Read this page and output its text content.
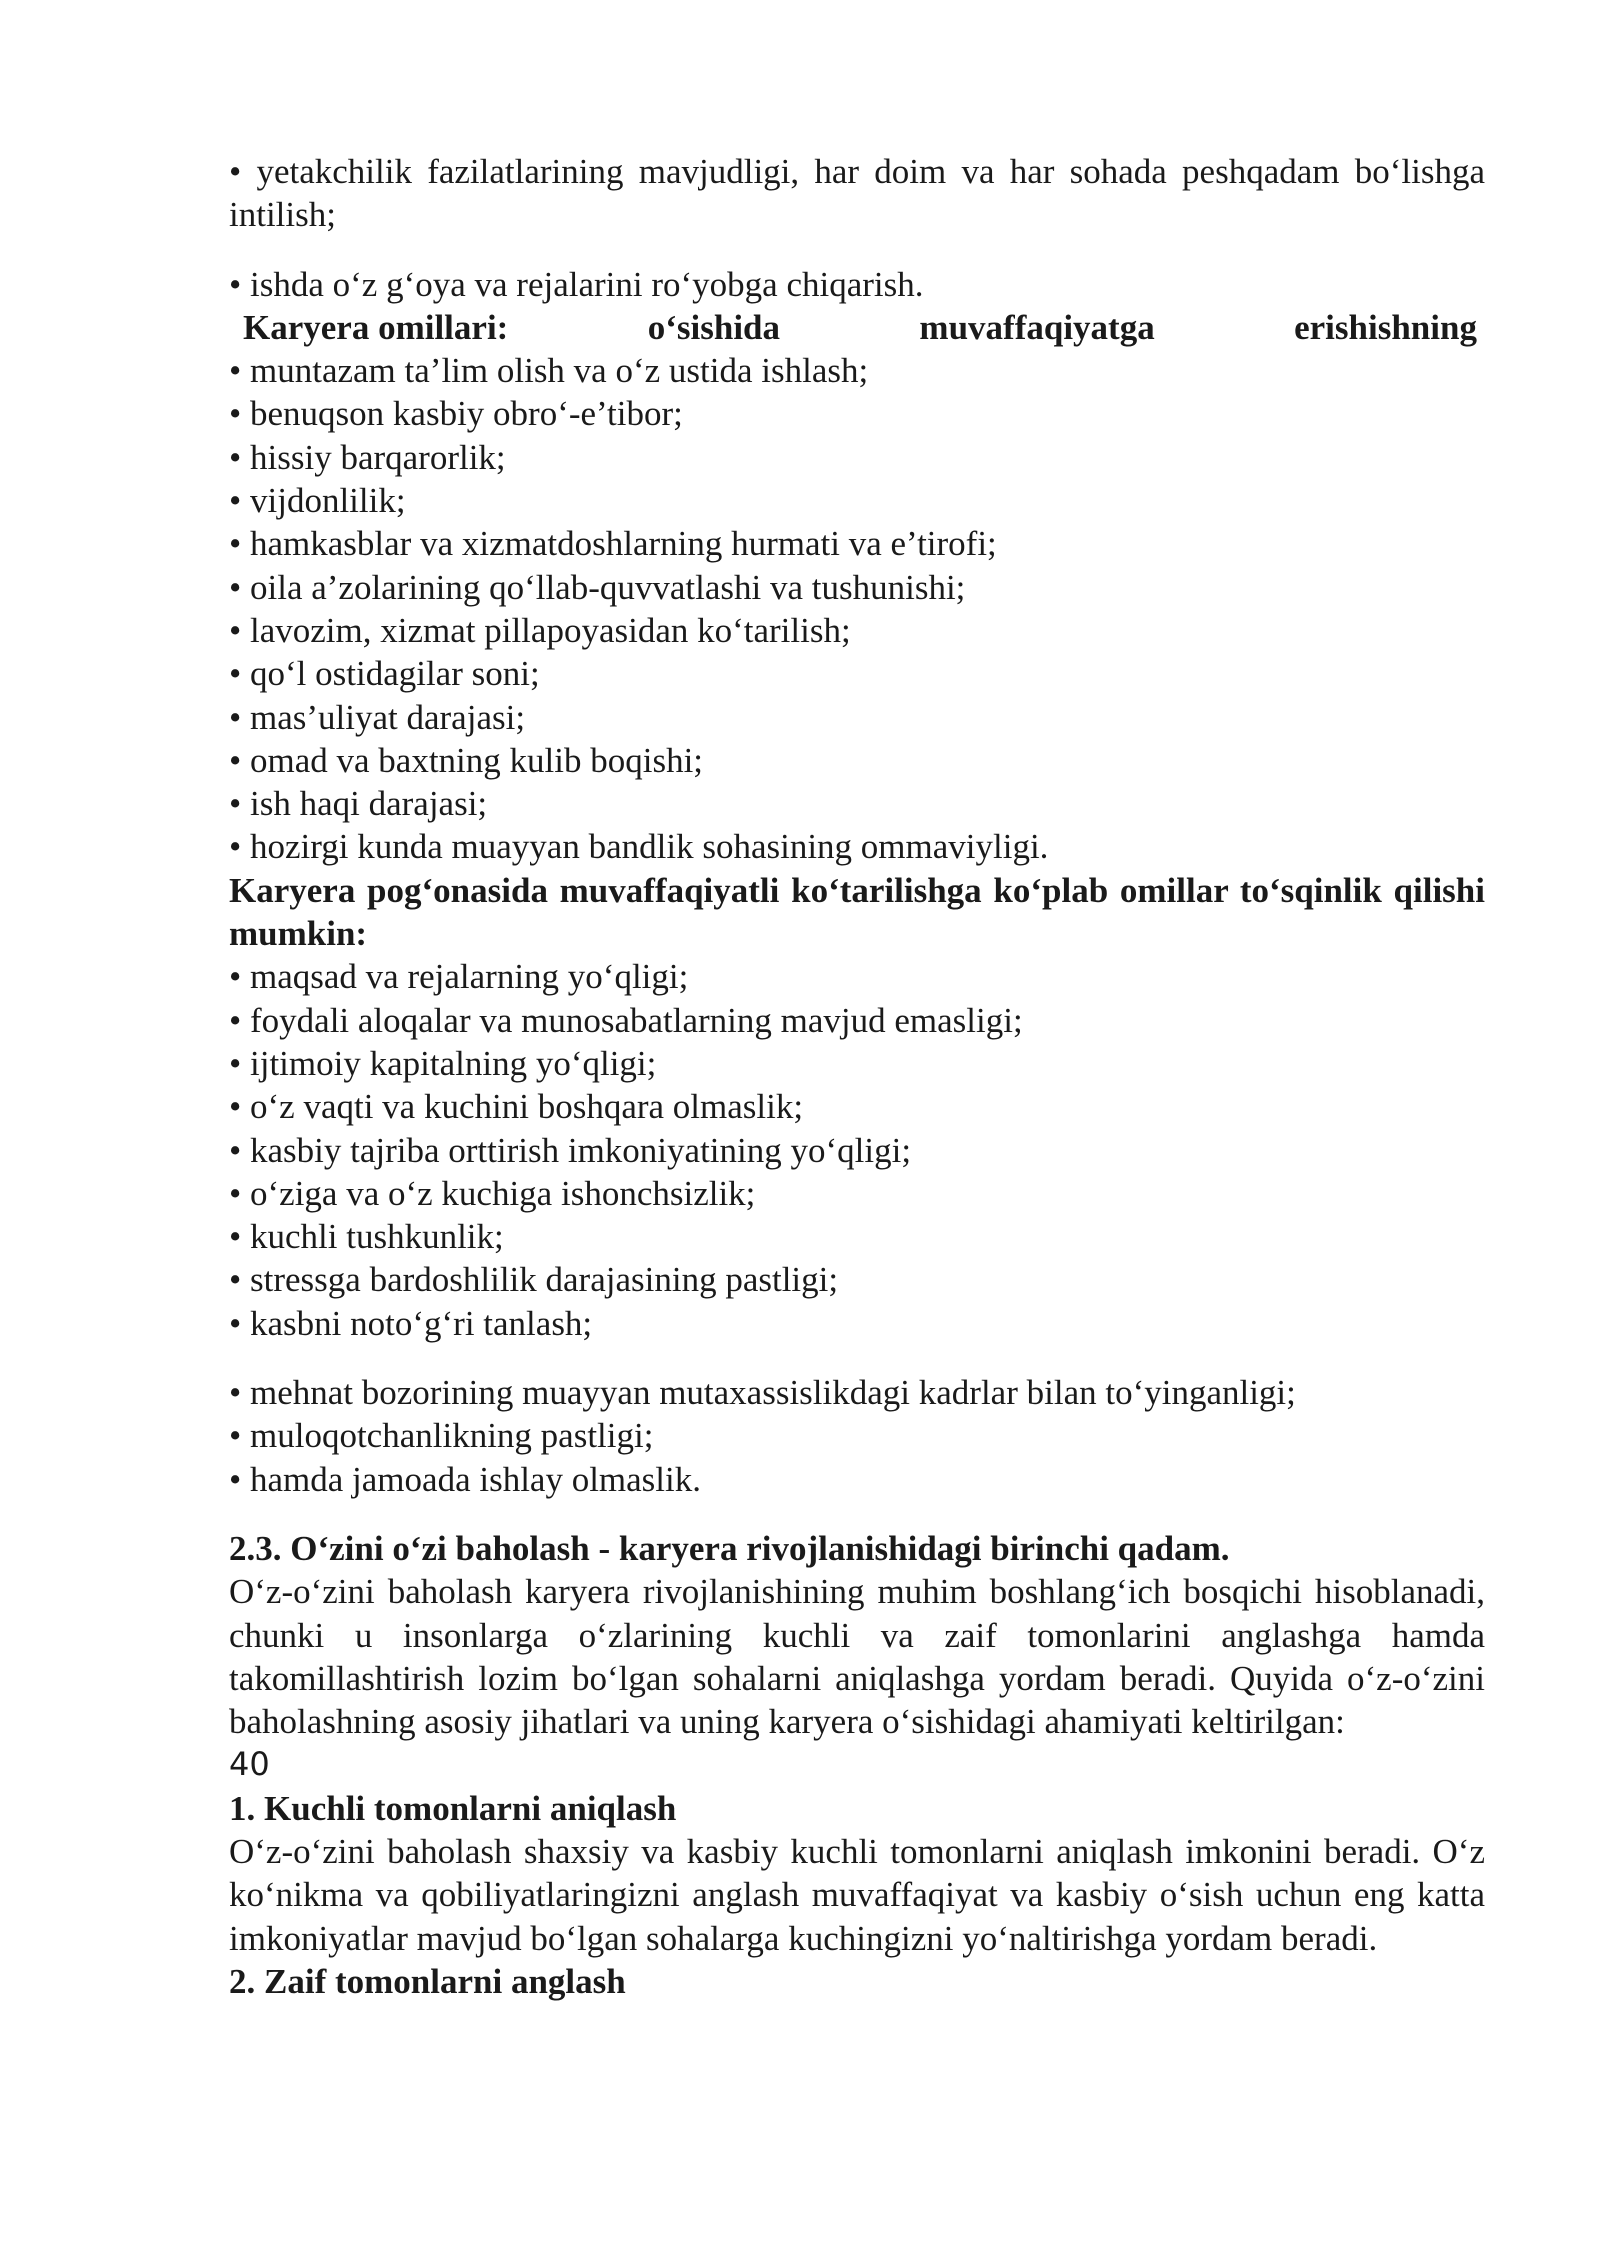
• yetakchilik fazilatlarining mavjudligi, har doim va har sohada peshqadam bo‘lishga intilish;

• ishda o‘z g‘oya va rejalarini ro‘yobga chiqarish.

Karyera omillari:	o‘sishida	muvaffaqiyatga	erishishning

• muntazam ta’lim olish va o‘z ustida ishlash;

• benuqson kasbiy obro‘-e’tibor;

• hissiy barqarorlik;

• vijdonlilik;

• hamkasblar va xizmatdoshlarning hurmati va e’tirofi;

• oila a’zolarining qo‘llab-quvvatlashi va tushunishi;

• lavozim, xizmat pillapoyasidan ko‘tarilish;

• qo‘l ostidagilar soni;

• mas’uliyat darajasi;

• omad va baxtning kulib boqishi;

• ish haqi darajasi;

• hozirgi kunda muayyan bandlik sohasining ommaviyligi.

Karyera pog‘onasida muvaffaqiyatli ko‘tarilishga ko‘plab omillar to‘sqinlik qilishi mumkin:

• maqsad va rejalarning yo‘qligi;

• foydali aloqalar va munosabatlarning mavjud emasligi;

• ijtimoiy kapitalning yo‘qligi;

• o‘z vaqti va kuchini boshqara olmaslik;

• kasbiy tajriba orttirish imkoniyatining yo‘qligi;

• o‘ziga va o‘z kuchiga ishonchsizlik;

• kuchli tushkunlik;

• stressga bardoshlilik darajasining pastligi;

• kasbni noto‘g‘ri tanlash;

• mehnat bozorining muayyan mutaxassislikdagi kadrlar bilan to‘yinganligi;

• muloqotchanlikning pastligi;

• hamda jamoada ishlay olmaslik.

2.3. O‘zini o‘zi baholash - karyera rivojlanishidagi birinchi qadam.

O‘z-o‘zini baholash karyera rivojlanishining muhim boshlang‘ich bosqichi hisoblanadi, chunki u insonlarga o‘zlarining kuchli va zaif tomonlarini anglashga hamda takomillashtirish lozim bo‘lgan sohalarni aniqlashga yordam beradi. Quyida o‘z-o‘zini baholashning asosiy jihatlari va uning karyera o‘sishidagi ahamiyati keltirilgan:

40

1. Kuchli tomonlarni aniqlash

O‘z-o‘zini baholash shaxsiy va kasbiy kuchli tomonlarni aniqlash imkonini beradi. O‘z ko‘nikma va qobiliyatlaringizni anglash muvaffaqiyat va kasbiy o‘sish uchun eng katta imkoniyatlar mavjud bo‘lgan sohalarga kuchingizni yo‘naltirishga yordam beradi.

2. Zaif tomonlarni anglash
